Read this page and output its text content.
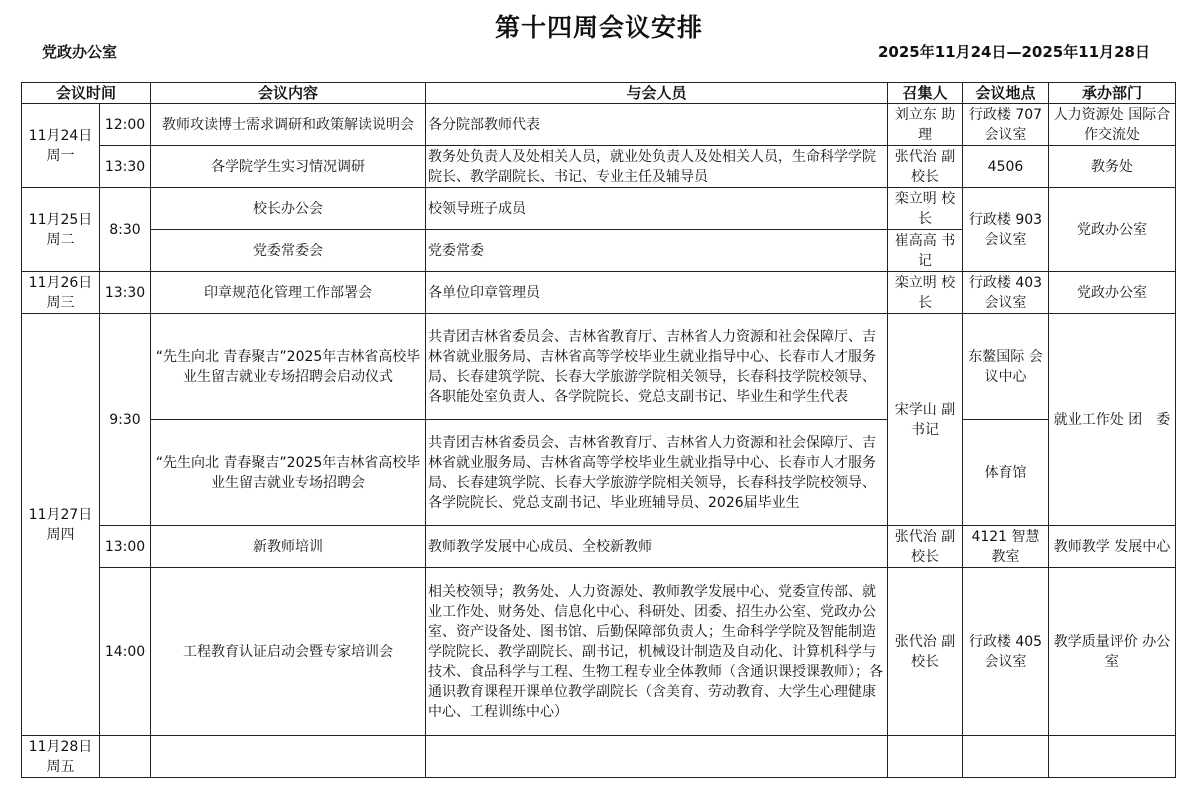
第十四周会议安排
党政办公室	2025年11月24日—2025年11月28日
会议时间		会议内容	与会人员	召集人	会议地点	承办部门

11月24日
周一	12:00	教师攻读博士需求调研和政策解读说明会	各分院部教师代表	刘立东 助　理	行政楼 707会议室	人力资源处 国际合作交流处
	13:30	各学院学生实习情况调研	教务处负责人及处相关人员，就业处负责人及处相关人员，生命科学学院院长、教学副院长、书记、专业主任及辅导员	张代治 副校长	4506	教务处

11月25日
周二	8:30	校长办公会	校领导班子成员	栾立明 校　长	行政楼 903会议室	党政办公室
		党委常委会	党委常委	崔高高 书　记		

11月26日
周三	13:30	印章规范化管理工作部署会	各单位印章管理员	栾立明 校　长	行政楼 403会议室	党政办公室

11月27日
周四	9:30	“先生向北 青春聚吉”2025年吉林省高校毕业生留吉就业专场招聘会启动仪式	共青团吉林省委员会、吉林省教育厅、吉林省人力资源和社会保障厅、吉林省就业服务局、吉林省高等学校毕业生就业指导中心、长春市人才服务局、长春建筑学院、长春大学旅游学院相关领导，长春科技学院校领导、各职能处室负责人、各学院院长、党总支副书记、毕业生和学生代表	宋学山 副书记	东鳌国际 会议中心	就业工作处 团　委
		“先生向北 青春聚吉”2025年吉林省高校毕业生留吉就业专场招聘会	共青团吉林省委员会、吉林省教育厅、吉林省人力资源和社会保障厅、吉林省就业服务局、吉林省高等学校毕业生就业指导中心、长春市人才服务局、长春建筑学院、长春大学旅游学院相关领导，长春科技学院校领导、各学院院长、党总支副书记、毕业班辅导员、2026届毕业生		体育馆	
	13:00	新教师培训	教师教学发展中心成员、全校新教师	张代治 副校长	4121 智慧教室	教师教学 发展中心
	14:00	工程教育认证启动会暨专家培训会	相关校领导；教务处、人力资源处、教师教学发展中心、党委宣传部、就业工作处、财务处、信息化中心、科研处、团委、招生办公室、党政办公室、资产设备处、图书馆、后勤保障部负责人；生命科学学院及智能制造学院院长、教学副院长、副书记，机械设计制造及自动化、计算机科学与技术、食品科学与工程、生物工程专业全体教师（含通识课授课教师）；各通识教育课程开课单位教学副院长（含美育、劳动教育、大学生心理健康中心、工程训练中心）	张代治 副校长	行政楼 405会议室	教学质量评价 办公室

11月28日
周五						
